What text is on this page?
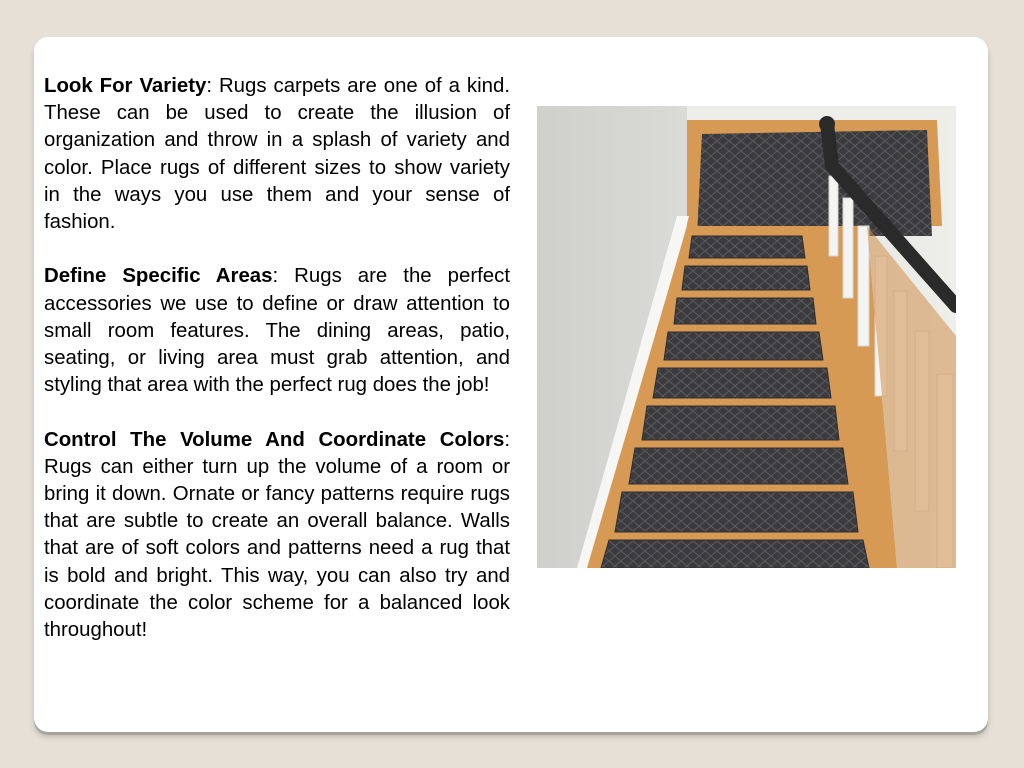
Look For Variety: Rugs carpets are one of a kind. These can be used to create the illusion of organization and throw in a splash of variety and color. Place rugs of different sizes to show variety in the ways you use them and your sense of fashion.

Define Specific Areas: Rugs are the perfect accessories we use to define or draw attention to small room features. The dining areas, patio, seating, or living area must grab attention, and styling that area with the perfect rug does the job!

Control The Volume And Coordinate Colors: Rugs can either turn up the volume of a room or bring it down. Ornate or fancy patterns require rugs that are subtle to create an overall balance. Walls that are of soft colors and patterns need a rug that is bold and bright. This way, you can also try and coordinate the color scheme for a balanced look throughout!
